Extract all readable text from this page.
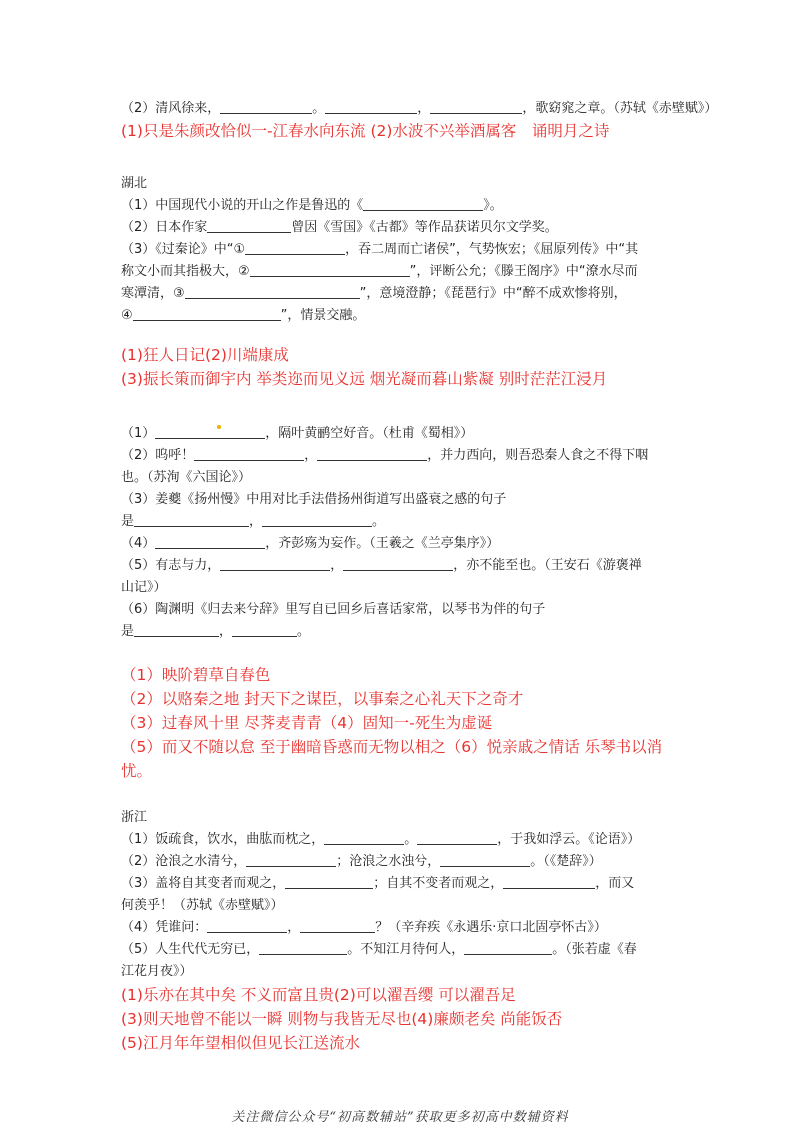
（2）清风徐来，	。	，	，歌窈窕之章。（苏轼《赤壁赋》）

(1)只是朱颜改恰似一-江春水向东流 (2)水波不兴举酒属客　诵明月之诗

湖北

（1）中国现代小说的开山之作是鲁迅的《	》。

（2）日本作家	曾因《雪国》《古都》等作品获诺贝尔文学奖。

（3）《过秦论》中“①	，吞二周而亡诸侯”，气势恢宏；《屈原列传》中“其

称文小而其指极大，②	”，评断公允；《滕王阁序》中“潦水尽而

寒潭清，③	”，意境澄静；《琵琶行》中“醉不成欢惨将别，

④	”，情景交融。

(1)狂人日记(2)川端康成

(3)振长策而御宇内 举类迩而见义远 烟光凝而暮山紫凝 别时茫茫江浸月

（1）	，隔叶黄鹂空好音。（杜甫《蜀相》）

（2）呜呼！	，	，并力西向，则吾恐秦人食之不得下咽

也。（苏洵《六国论》）

（3）姜夔《扬州慢》中用对比手法借扬州街道写出盛衰之感的句子

是	，	。

（4）	，齐彭殇为妄作。（王羲之《兰亭集序》）

（5）有志与力，	，	，亦不能至也。（王安石《游褒禅

山记》）

（6）陶渊明《归去来兮辞》里写自已回乡后喜话家常，以琴书为伴的句子

是	，	。

（1）映阶碧草自春色

（2）以赂秦之地 封天下之谋臣，以事秦之心礼天下之奇才

（3）过春风十里 尽荠麦青青（4）固知一-死生为虚诞

（5）而又不随以怠 至于幽暗昏惑而无物以相之（6）悦亲戚之情话 乐琴书以消

忧。

浙江

（1）饭疏食，饮水，曲肱而枕之，	。	，于我如浮云。《论语》）

（2）沧浪之水清兮，	；沧浪之水浊兮，	。（《楚辞》）

（3）盖将自其变者而观之，	；自其不变者而观之，	，而又

何羡乎！（苏轼《赤壁赋》）

（4）凭谁问：	，	？（辛弃疾《永遇乐·京口北固亭怀古》）

（5）人生代代无穷已，	。不知江月待何人，	。（张若虚《春

江花月夜》）

(1)乐亦在其中矣 不义而富且贵(2)可以濯吾缨 可以濯吾足

(3)则天地曾不能以一瞬 则物与我皆无尽也(4)廉颇老矣 尚能饭否

(5)江月年年望相似但见长江送流水

关注微信公众号“初高数辅站”获取更多初高中数辅资料
